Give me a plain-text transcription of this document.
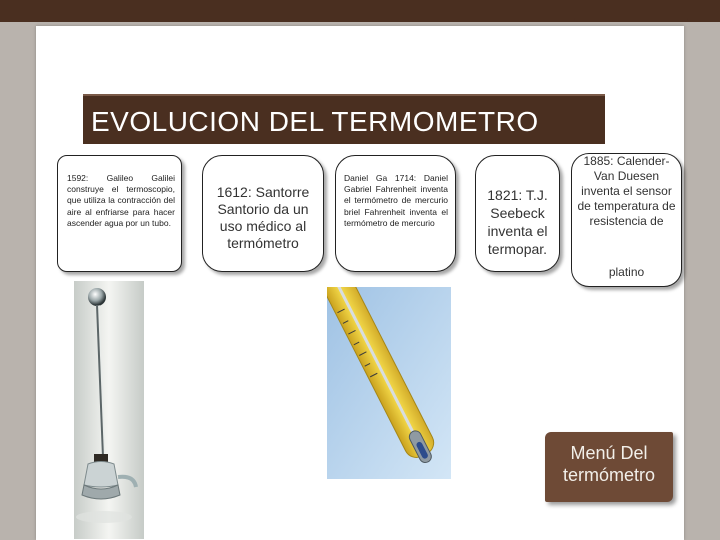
EVOLUCION DEL TERMOMETRO
1592: Galileo Galilei construye el termoscopio, que utiliza la contracción del aire al enfriarse para hacer ascender agua por un tubo.
1612: Santorre Santorio da un uso médico al termómetro
Daniel Ga 1714: Daniel Gabriel Fahrenheit inventa el termómetro de mercurio briel Fahrenheit inventa el termómetro de mercurio
1821: T.J. Seebeck inventa el termopar.
1885: Calender-Van Duesen inventa el sensor de temperatura de resistencia de
platino
Menú Del
termómetro
